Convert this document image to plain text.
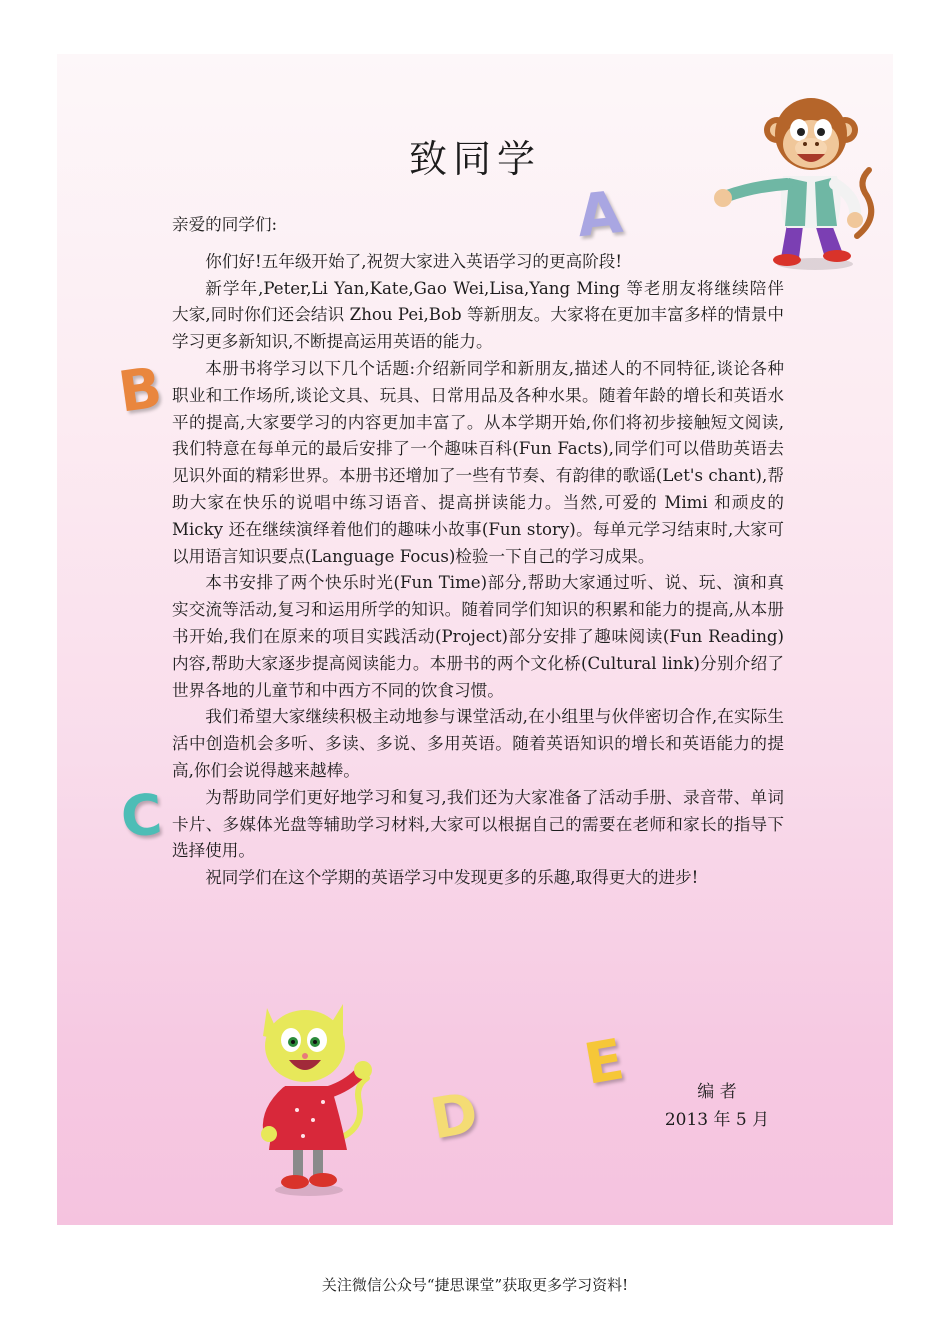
A
B
C
D
E
致同学

亲爱的同学们:

你们好!五年级开始了,祝贺大家进入英语学习的更高阶段!

新学年,Peter,Li Yan,Kate,Gao Wei,Lisa,Yang Ming 等老朋友将继续陪伴大家,同时你们还会结识 Zhou Pei,Bob 等新朋友。大家将在更加丰富多样的情景中学习更多新知识,不断提高运用英语的能力。

本册书将学习以下几个话题:介绍新同学和新朋友,描述人的不同特征,谈论各种职业和工作场所,谈论文具、玩具、日常用品及各种水果。随着年龄的增长和英语水平的提高,大家要学习的内容更加丰富了。从本学期开始,你们将初步接触短文阅读,我们特意在每单元的最后安排了一个趣味百科(Fun Facts),同学们可以借助英语去见识外面的精彩世界。本册书还增加了一些有节奏、有韵律的歌谣(Let's chant),帮助大家在快乐的说唱中练习语音、提高拼读能力。当然,可爱的 Mimi 和顽皮的 Micky 还在继续演绎着他们的趣味小故事(Fun story)。每单元学习结束时,大家可以用语言知识要点(Language Focus)检验一下自己的学习成果。

本书安排了两个快乐时光(Fun Time)部分,帮助大家通过听、说、玩、演和真实交流等活动,复习和运用所学的知识。随着同学们知识的积累和能力的提高,从本册书开始,我们在原来的项目实践活动(Project)部分安排了趣味阅读(Fun Reading)内容,帮助大家逐步提高阅读能力。本册书的两个文化桥(Cultural link)分别介绍了世界各地的儿童节和中西方不同的饮食习惯。

我们希望大家继续积极主动地参与课堂活动,在小组里与伙伴密切合作,在实际生活中创造机会多听、多读、多说、多用英语。随着英语知识的增长和英语能力的提高,你们会说得越来越棒。

为帮助同学们更好地学习和复习,我们还为大家准备了活动手册、录音带、单词卡片、多媒体光盘等辅助学习材料,大家可以根据自己的需要在老师和家长的指导下选择使用。

祝同学们在这个学期的英语学习中发现更多的乐趣,取得更大的进步!

编 者
2013 年 5 月
关注微信公众号“捷思课堂”获取更多学习资料!
